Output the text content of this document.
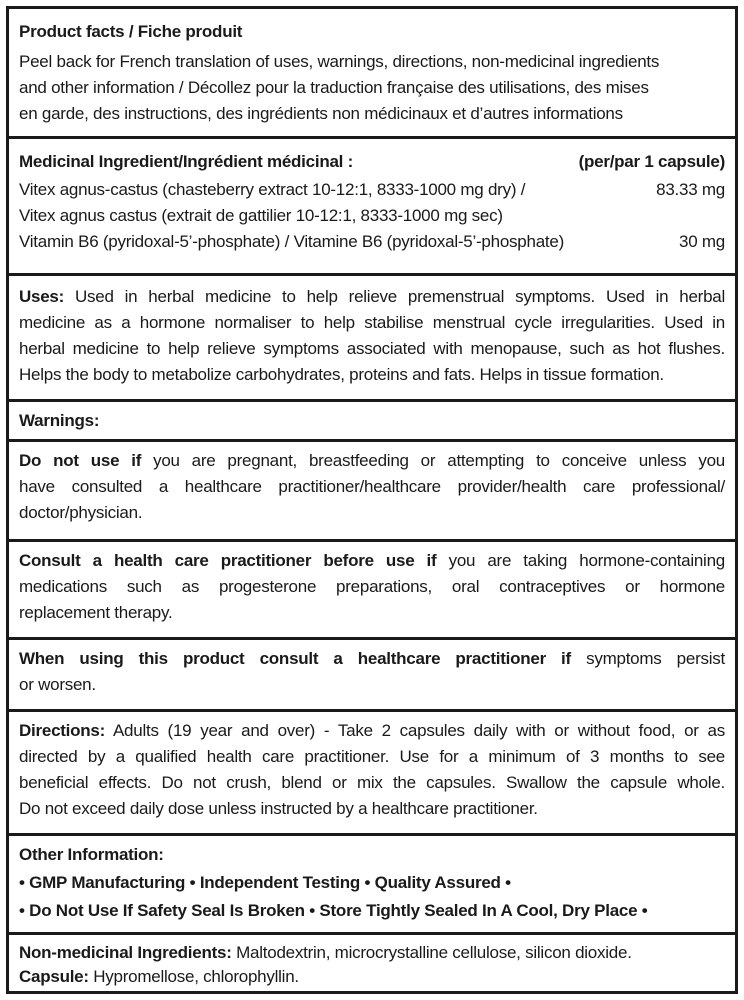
Product facts / Fiche produit
Peel back for French translation of uses, warnings, directions, non-medicinal ingredients
and other information / Décollez pour la traduction française des utilisations, des mises
en garde, des instructions, des ingrédients non médicinaux et d’autres informations
Medicinal Ingredient/Ingrédient médicinal :	(per/par 1 capsule)
Vitex agnus-castus (chasteberry extract 10-12:1, 8333-1000 mg dry) /	83.33 mg
Vitex agnus castus (extrait de gattilier 10-12:1, 8333-1000 mg sec)
Vitamin B6 (pyridoxal-5’-phosphate) / Vitamine B6 (pyridoxal-5’-phosphate)	30 mg
Uses: Used in herbal medicine to help relieve premenstrual symptoms. Used in herbal
medicine as a hormone normaliser to help stabilise menstrual cycle irregularities. Used in
herbal medicine to help relieve symptoms associated with menopause, such as hot flushes.
Helps the body to metabolize carbohydrates, proteins and fats. Helps in tissue formation.
Warnings:
Do not use if you are pregnant, breastfeeding or attempting to conceive unless you
have consulted a healthcare practitioner/healthcare provider/health care professional/
doctor/physician.
Consult a health care practitioner before use if you are taking hormone-containing
medications such as progesterone preparations, oral contraceptives or hormone
replacement therapy.
When using this product consult a healthcare practitioner if symptoms persist
or worsen.
Directions: Adults (19 year and over) - Take 2 capsules daily with or without food, or as
directed by a qualified health care practitioner. Use for a minimum of 3 months to see
beneficial effects. Do not crush, blend or mix the capsules. Swallow the capsule whole.
Do not exceed daily dose unless instructed by a healthcare practitioner.
Other Information:
• GMP Manufacturing • Independent Testing • Quality Assured •
• Do Not Use If Safety Seal Is Broken • Store Tightly Sealed In A Cool, Dry Place •
Non-medicinal Ingredients: Maltodextrin, microcrystalline cellulose, silicon dioxide.
Capsule: Hypromellose, chlorophyllin.
